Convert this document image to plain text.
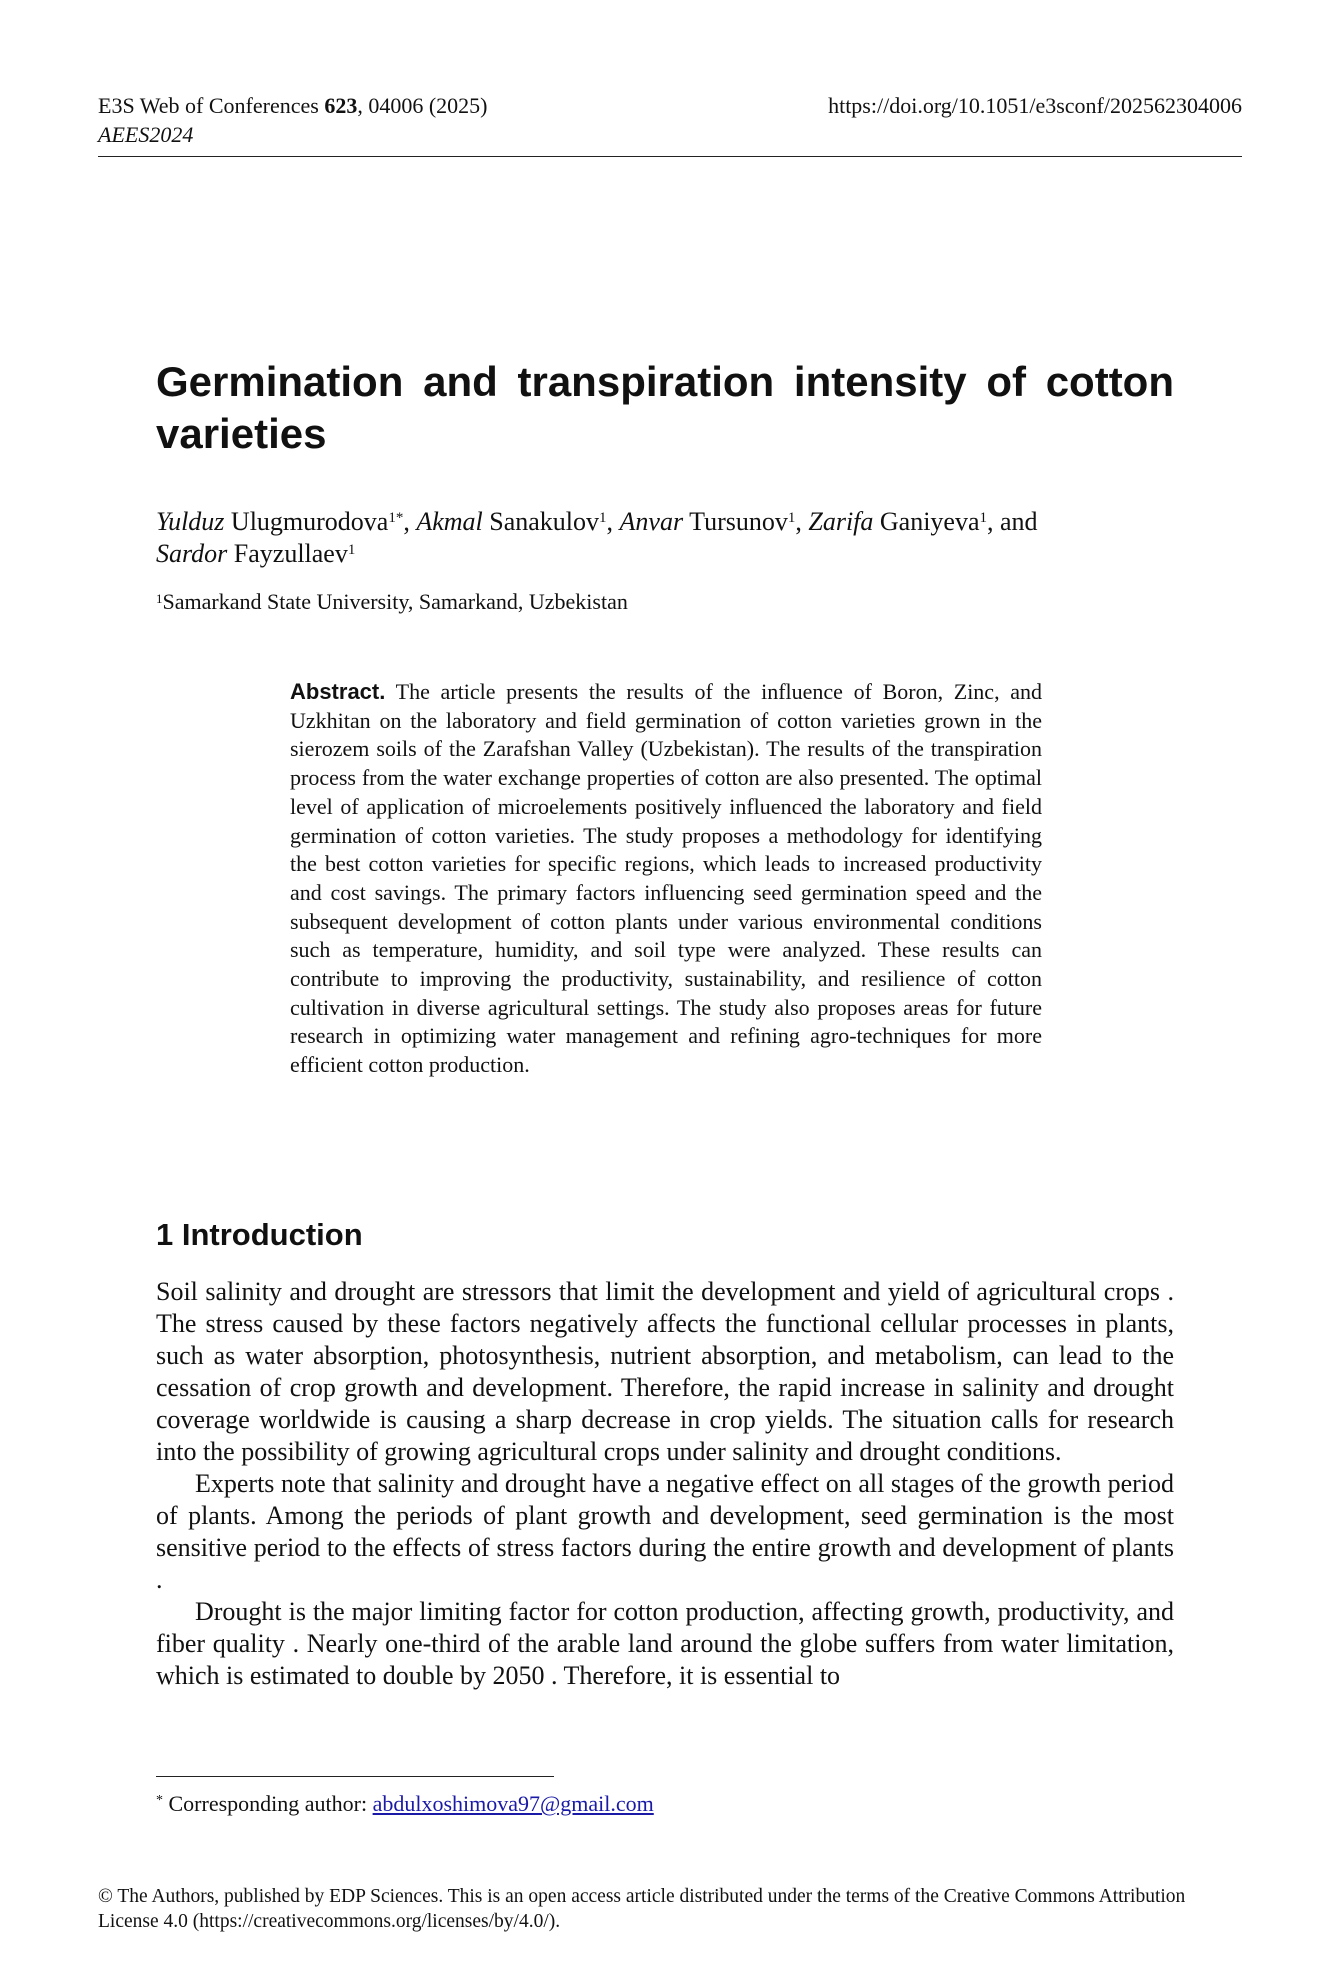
E3S Web of Conferences 623, 04006 (2025)
AEES2024
https://doi.org/10.1051/e3sconf/202562304006
Germination and transpiration intensity of cotton varieties
Yulduz Ulugmurodova$^{1*}$, Akmal Sanakulov$^1$, Anvar Tursunov$^1$, Zarifa Ganiyeva$^1$, and
Sardor Fayzullaev$^1$
$^1$Samarkand State University, Samarkand, Uzbekistan
Abstract. The article presents the results of the influence of Boron, Zinc, and Uzkhitan on the laboratory and field germination of cotton varieties grown in the sierozem soils of the Zarafshan Valley (Uzbekistan). The results of the transpiration process from the water exchange properties of cotton are also presented. The optimal level of application of microelements positively influenced the laboratory and field germination of cotton varieties. The study proposes a methodology for identifying the best cotton varieties for specific regions, which leads to increased productivity and cost savings. The primary factors influencing seed germination speed and the subsequent development of cotton plants under various environmental conditions such as temperature, humidity, and soil type were analyzed. These results can contribute to improving the productivity, sustainability, and resilience of cotton cultivation in diverse agricultural settings. The study also proposes areas for future research in optimizing water management and refining agro-techniques for more efficient cotton production.
1 Introduction

Soil salinity and drought are stressors that limit the development and yield of agricultural crops . The stress caused by these factors negatively affects the functional cellular processes in plants, such as water absorption, photosynthesis, nutrient absorption, and metabolism, can lead to the cessation of crop growth and development. Therefore, the rapid increase in salinity and drought coverage worldwide is causing a sharp decrease in crop yields. The situation calls for research into the possibility of growing agricultural crops under salinity and drought conditions.

Experts note that salinity and drought have a negative effect on all stages of the growth period of plants. Among the periods of plant growth and development, seed germination is the most sensitive period to the effects of stress factors during the entire growth and development of plants .

Drought is the major limiting factor for cotton production, affecting growth, productivity, and fiber quality . Nearly one-third of the arable land around the globe suffers from water limitation, which is estimated to double by 2050 . Therefore, it is essential to

* Corresponding author: abdulxoshimova97@gmail.com
© The Authors, published by EDP Sciences. This is an open access article distributed under the terms of the Creative Commons Attribution License 4.0 (https://creativecommons.org/licenses/by/4.0/).
